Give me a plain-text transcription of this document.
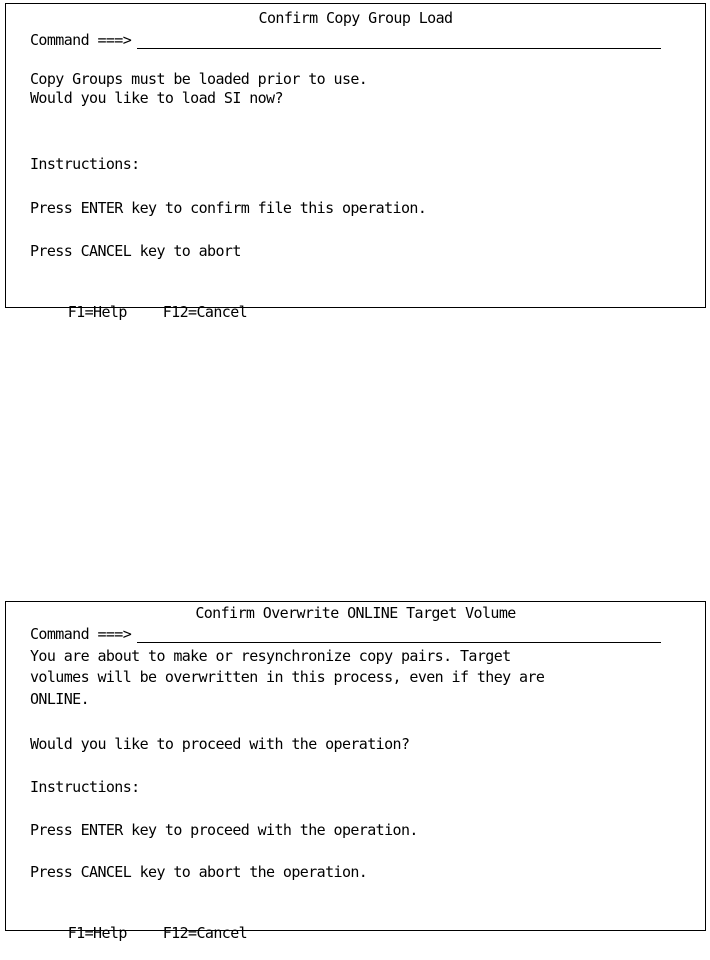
Confirm Copy Group Load
Command ===>
Copy Groups must be loaded prior to use.
Would you like to load SI now?
Instructions:
Press ENTER key to confirm file this operation.
Press CANCEL key to abort

F1=Help F12=Cancel

Confirm Overwrite ONLINE Target Volume
Command ===>
You are about to make or resynchronize copy pairs. Target
volumes will be overwritten in this process, even if they are
ONLINE.
Would you like to proceed with the operation?
Instructions:
Press ENTER key to proceed with the operation.
Press CANCEL key to abort the operation.

F1=Help F12=Cancel
